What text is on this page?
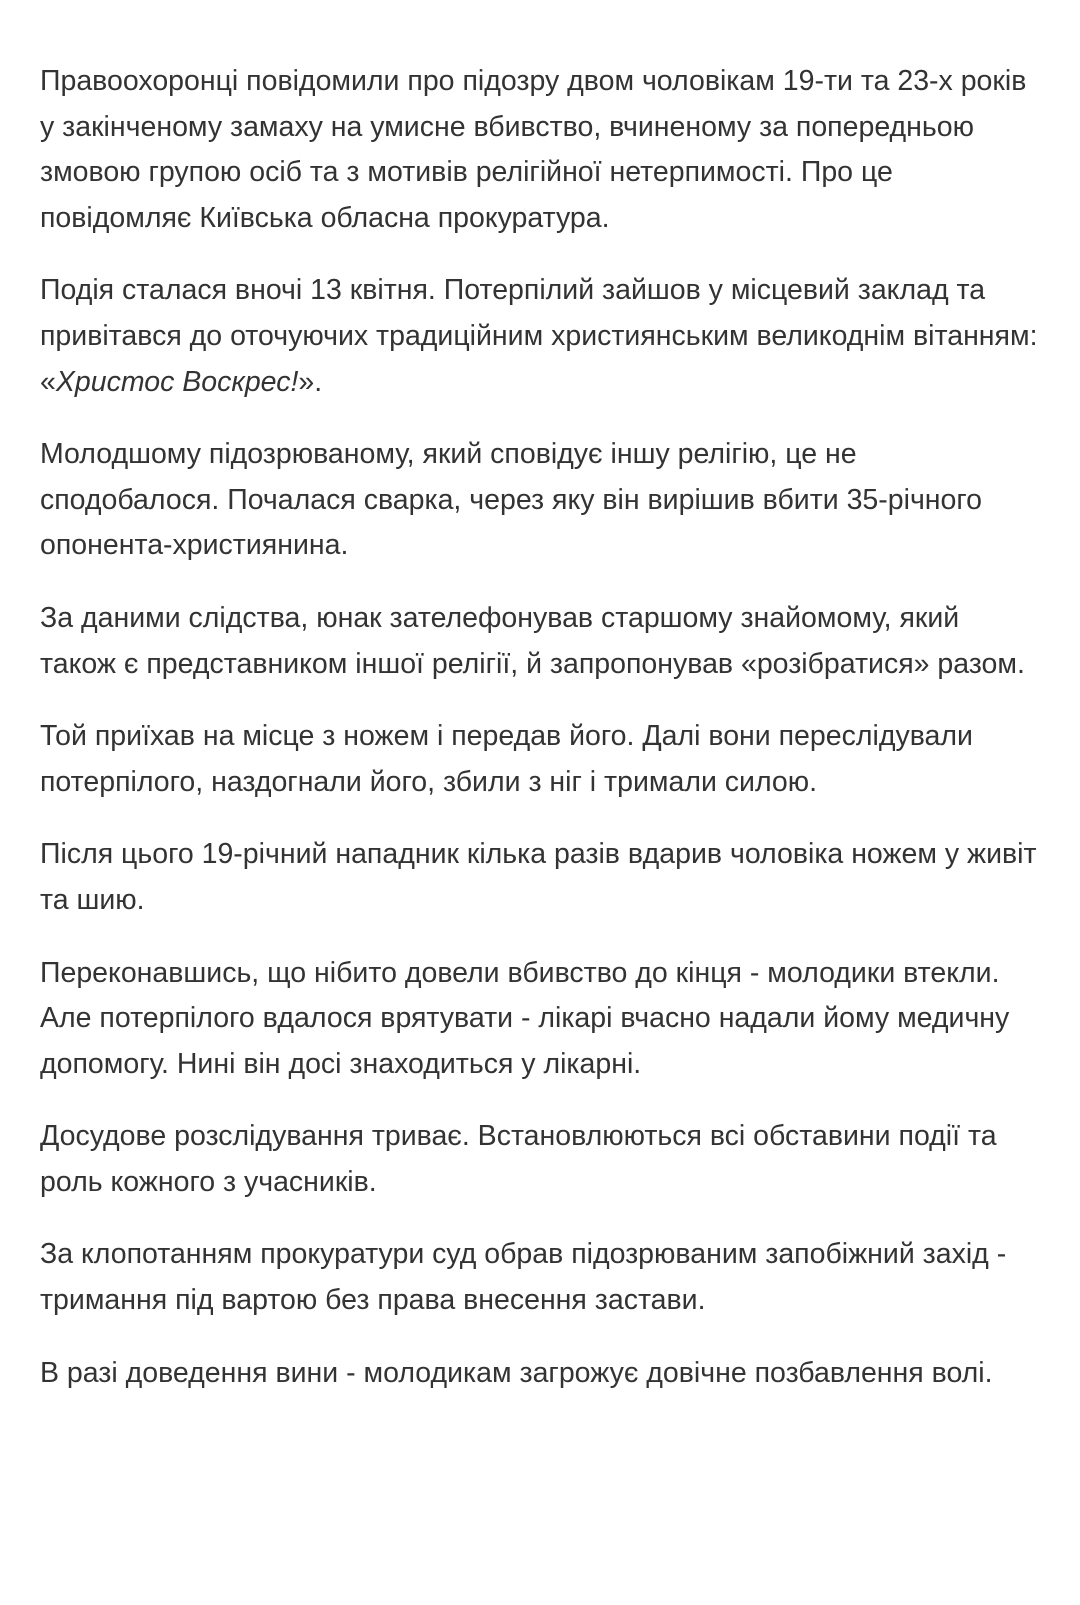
Правоохоронці повідомили про підозру двом чоловікам 19-ти та 23-х років у закінченому замаху на умисне вбивство, вчиненому за попередньою змовою групою осіб та з мотивів релігійної нетерпимості. Про це повідомляє Київська обласна прокуратура.

Подія сталася вночі 13 квітня. Потерпілий зайшов у місцевий заклад та привітався до оточуючих традиційним християнським великоднім вітанням: «Христос Воскрес!».

Молодшому підозрюваному, який сповідує іншу релігію, це не сподобалося. Почалася сварка, через яку він вирішив вбити 35-річного опонента-християнина.

За даними слідства, юнак зателефонував старшому знайомому, який також є представником іншої релігії, й запропонував «розібратися» разом.

Той приїхав на місце з ножем і передав його. Далі вони переслідували потерпілого, наздогнали його, збили з ніг і тримали силою.

Після цього 19-річний нападник кілька разів вдарив чоловіка ножем у живіт та шию.

Переконавшись, що нібито довели вбивство до кінця - молодики втекли. Але потерпілого вдалося врятувати - лікарі вчасно надали йому медичну допомогу. Нині він досі знаходиться у лікарні.

Досудове розслідування триває. Встановлюються всі обставини події та роль кожного з учасників.

За клопотанням прокуратури суд обрав підозрюваним запобіжний захід - тримання під вартою без права внесення застави.

В разі доведення вини - молодикам загрожує довічне позбавлення волі.
